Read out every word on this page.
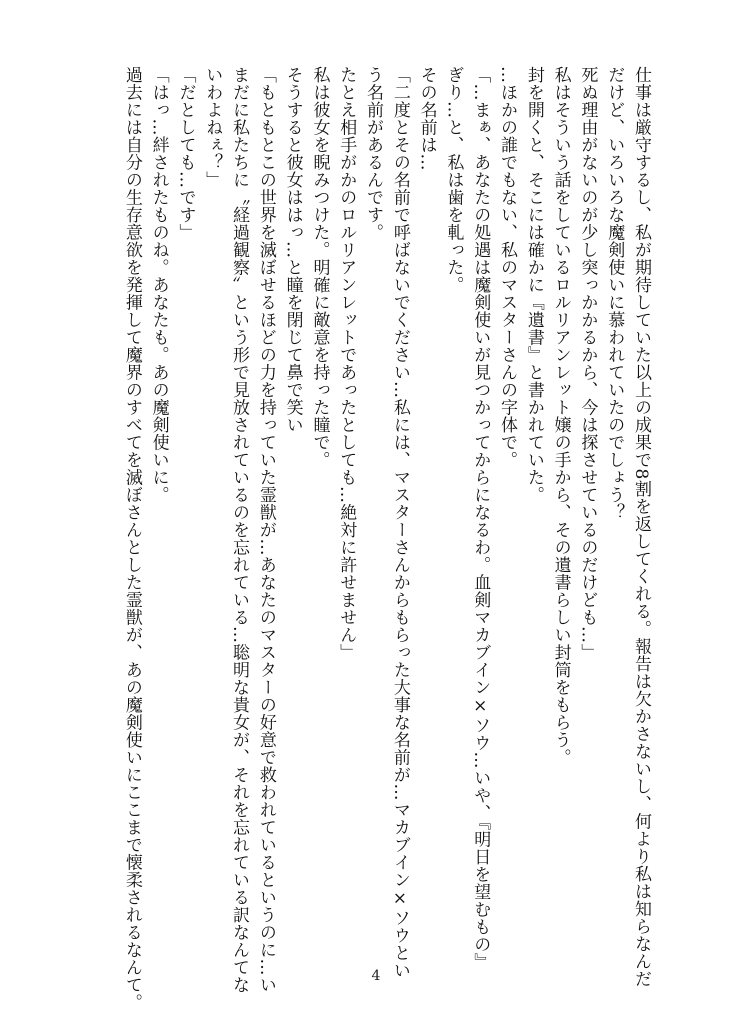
仕事は厳守するし、私が期待していた以上の成果で8割を返してくれる。報告は欠かさないし、何より私は知らなんだ
だけど、いろいろな魔剣使いに慕われていたのでしょう？
死ぬ理由がないのが少し突っかかるから、今は探させているのだけども…」
私はそういう話をしているロルリアンレット嬢の手から、その遺書らしい封筒をもらう。
封を開くと、そこには確かに『遺書』と書かれていた。
…ほかの誰でもない、私のマスターさんの字体で。
「…まぁ、あなたの処遇は魔剣使いが見つかってからになるわ。血剣マカブイン×ソウ…いや、『明日を望むもの』
ぎり…と、私は歯を軋った。
その名前は…
「二度とその名前で呼ばないでください…私には、マスターさんからもらった大事な名前が…マカブイン×ソウとい
う名前があるんです。
たとえ相手がかのロルリアンレットであったとしても…絶対に許せません」
私は彼女を睨みつけた。明確に敵意を持った瞳で。
そうすると彼女ははっ…と瞳を閉じて鼻で笑い
「もともとこの世界を滅ぼせるほどの力を持っていた霊獣が…あなたのマスターの好意で救われているというのに…い
まだに私たちに〝経過観察〟という形で見放されているのを忘れている…聡明な貴女が、それを忘れている訳なんてな
いわよねぇ？」
「だとしても…です」
「はっ…絆されたものね。あなたも。あの魔剣使いに。
過去には自分の生存意欲を発揮して魔界のすべてを滅ぼさんとした霊獣が、あの魔剣使いにここまで懐柔されるなんて。	4
